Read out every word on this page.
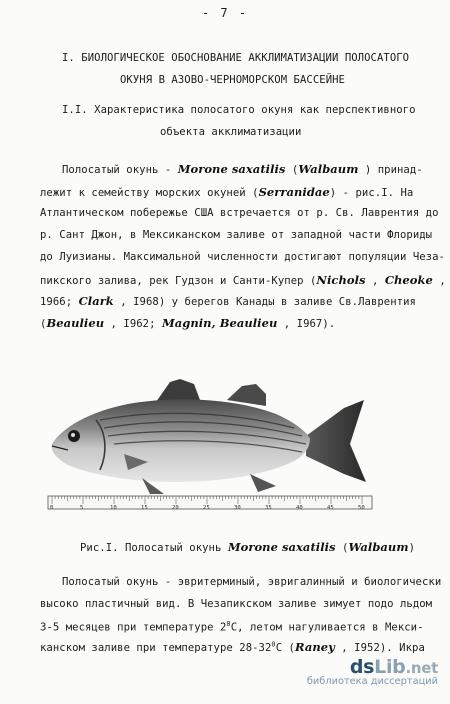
- 7 -
I. БИОЛОГИЧЕСКОЕ ОБОСНОВАНИЕ АККЛИМАТИЗАЦИИ ПОЛОСАТОГО
ОКУНЯ В АЗОВО-ЧЕРНОМОРСКОМ БАССЕЙНЕ
I.I. Характеристика полосатого окуня как перспективного
объекта акклиматизации
Полосатый окунь - Morone saxatilis (Walbaum ) принад-
лежит к семейству морских окуней (Serranidae) - рис.I. На
Атлантическом побережье США встречается от р. Св. Лаврентия до
р. Сант Джон, в Мексиканском заливе от западной части Флориды
до Луизианы. Максимальной численности достигают популяции Чеза-
пикского залива, рек Гудзон и Санти-Купер (Nichols , Cheoke ,
1966; Clark , I968) у берегов Канады в заливе Св.Лаврентия
(Beaulieu , I962; Magnin, Beaulieu , I967).
0	5	10	15	20	25	30	35	40	45	50
Рис.I. Полосатый окунь Morone saxatilis (Walbaum)
Полосатый окунь - эвритерминый, эвригалинный и биологически
высоко пластичный вид. В Чезапикском заливе зимует подо льдом
3-5 месяцев при температуре $2^0C$, летом нагуливается в Мекси-
канском заливе при температуре $28-32^0C$ (Raney , I952). Икра
dsLib.net
библиотека диссертаций
